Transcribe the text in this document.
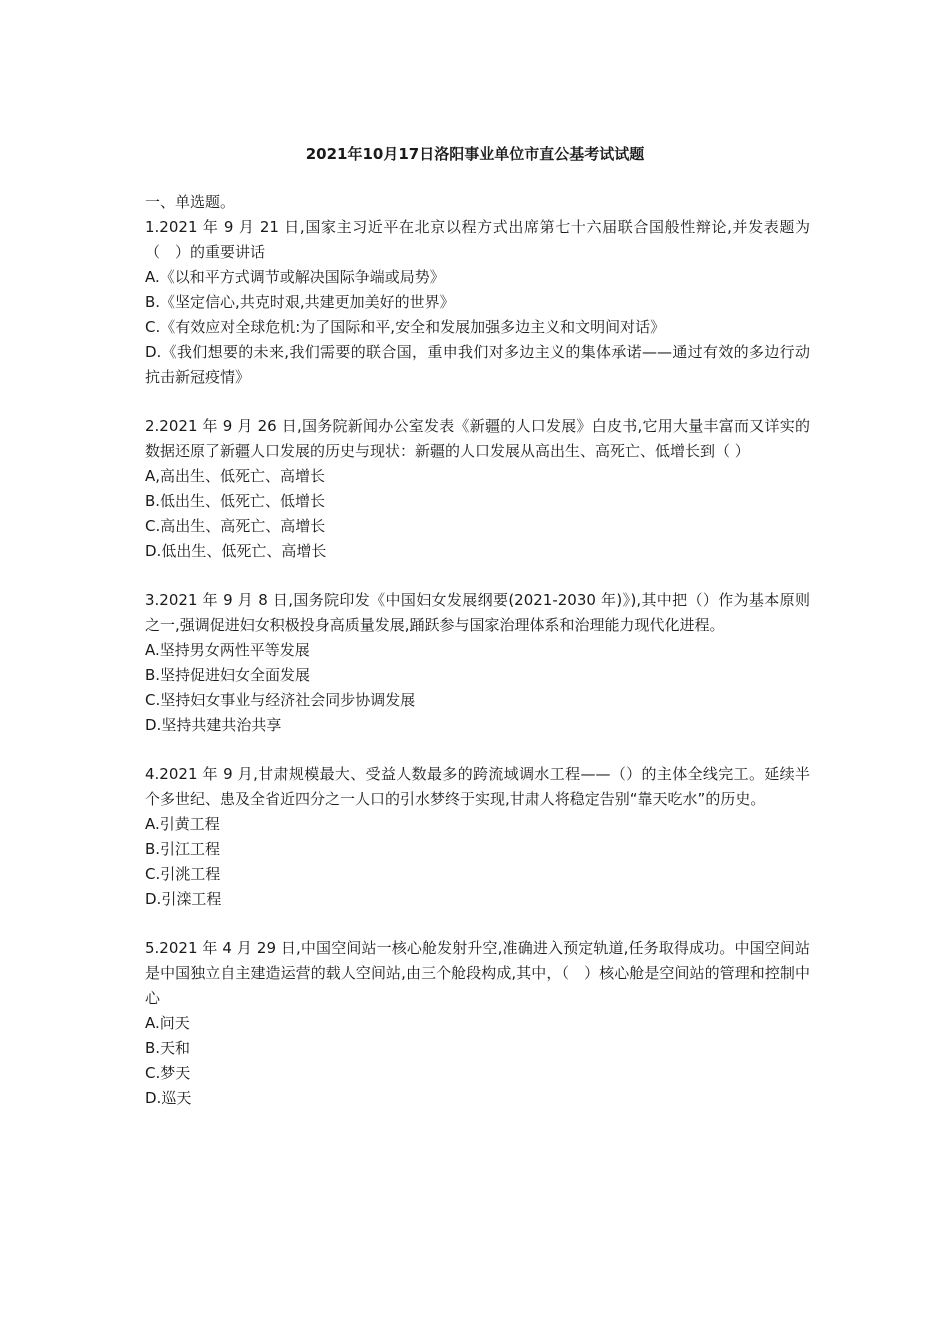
2021年10月17日洛阳事业单位市直公基考试试题

一、单选题。

1.2021 年 9 月 21 日,国家主习近平在北京以程方式出席第七十六届联合国般性辩论,并发表题为（　）的重要讲话

A.《以和平方式调节或解决国际争端或局势》

B.《坚定信心,共克时艰,共建更加美好的世界》

C.《有效应对全球危机:为了国际和平,安全和发展加强多边主义和文明间对话》

D.《我们想要的未来,我们需要的联合国，重申我们对多边主义的集体承诺——通过有效的多边行动抗击新冠疫情》

2.2021 年 9 月 26 日,国务院新闻办公室发表《新疆的人口发展》白皮书,它用大量丰富而又详实的数据还原了新疆人口发展的历史与现状：新疆的人口发展从高出生、高死亡、低增长到（ ）

A,高出生、低死亡、高增长

B.低出生、低死亡、低增长

C.高出生、高死亡、高增长

D.低出生、低死亡、高增长

3.2021 年 9 月 8 日,国务院印发《中国妇女发展纲要(2021-2030 年)》),其中把（）作为基本原则之一,强调促进妇女积极投身高质量发展,踊跃参与国家治理体系和治理能力现代化进程。

A.坚持男女两性平等发展

B.坚持促进妇女全面发展

C.坚持妇女事业与经济社会同步协调发展

D.坚持共建共治共享

4.2021 年 9 月,甘肃规模最大、受益人数最多的跨流域调水工程——（）的主体全线完工。延续半个多世纪、患及全省近四分之一人口的引水梦终于实现,甘肃人将稳定告别“靠天吃水”的历史。

A.引黄工程

B.引江工程

C.引洮工程

D.引滦工程

5.2021 年 4 月 29 日,中国空间站一核心舱发射升空,准确进入预定轨道,任务取得成功。中国空间站是中国独立自主建造运营的载人空间站,由三个舱段构成,其中，（　）核心舱是空间站的管理和控制中心

A.问天

B.天和

C.梦天

D.巡天
